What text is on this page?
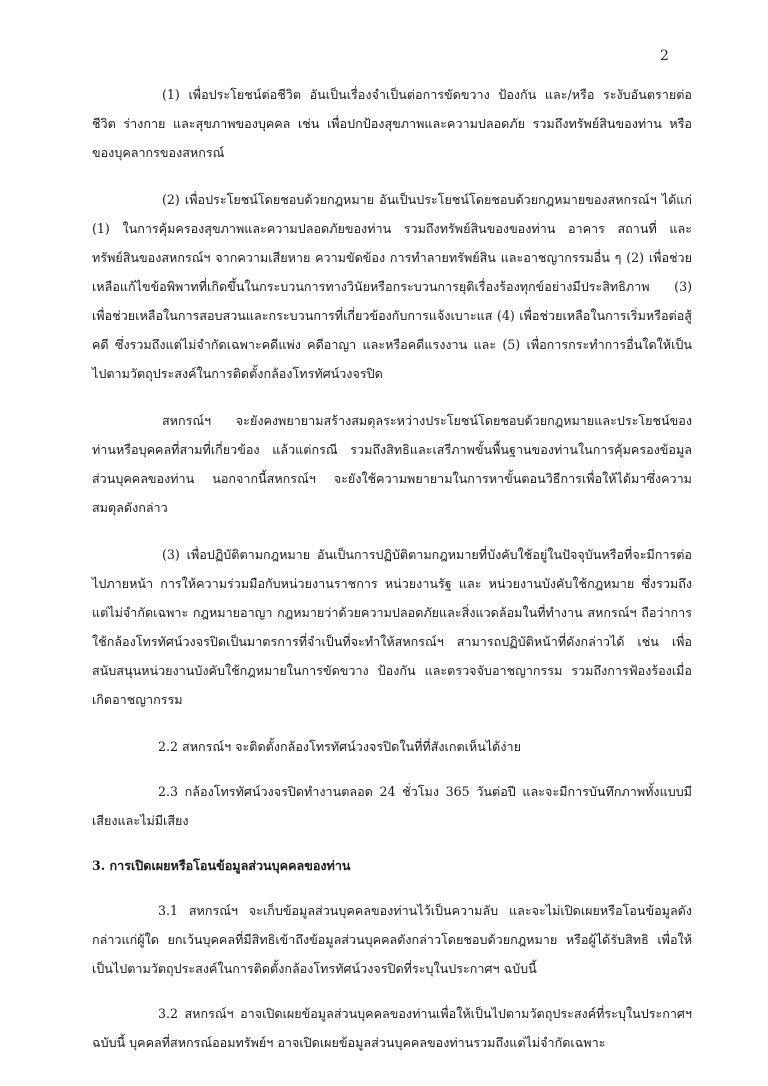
2

(1) เพื่อประโยชน์ต่อชีวิต อันเป็นเรื่องจำเป็นต่อการขัดขวาง ป้องกัน และ/หรือ ระงับอันตรายต่อชีวิต ร่างกาย และสุขภาพของบุคคล เช่น เพื่อปกป้องสุขภาพและความปลอดภัย รวมถึงทรัพย์สินของท่าน หรือของบุคลากรของสหกรณ์

(2) เพื่อประโยชน์โดยชอบด้วยกฎหมาย อันเป็นประโยชน์โดยชอบด้วยกฎหมายของสหกรณ์ฯ ได้แก่ (1) ในการคุ้มครองสุขภาพและความปลอดภัยของท่าน รวมถึงทรัพย์สินของของท่าน อาคาร สถานที่ และทรัพย์สินของสหกรณ์ฯ จากความเสียหาย ความขัดข้อง การทำลายทรัพย์สิน และอาชญากรรมอื่น ๆ (2) เพื่อช่วยเหลือแก้ไขข้อพิพาทที่เกิดขึ้นในกระบวนการทางวินัยหรือกระบวนการยุติเรื่องร้องทุกข์อย่างมีประสิทธิภาพ (3) เพื่อช่วยเหลือในการสอบสวนและกระบวนการที่เกี่ยวข้องกับการแจ้งเบาะแส (4) เพื่อช่วยเหลือในการเริ่มหรือต่อสู้คดี ซึ่งรวมถึงแต่ไม่จำกัดเฉพาะคดีแพ่ง คดีอาญา และหรือคดีแรงงาน และ (5) เพื่อการกระทำการอื่นใดให้เป็นไปตามวัตถุประสงค์ในการติดตั้งกล้องโทรทัศน์วงจรปิด

สหกรณ์ฯ จะยังคงพยายามสร้างสมดุลระหว่างประโยชน์โดยชอบด้วยกฎหมายและประโยชน์ของท่านหรือบุคคลที่สามที่เกี่ยวข้อง แล้วแต่กรณี รวมถึงสิทธิและเสรีภาพขั้นพื้นฐานของท่านในการคุ้มครองข้อมูลส่วนบุคคลของท่าน นอกจากนี้สหกรณ์ฯ จะยังใช้ความพยายามในการหาขั้นตอนวิธีการเพื่อให้ได้มาซึ่งความสมดุลดังกล่าว

(3) เพื่อปฏิบัติตามกฎหมาย อันเป็นการปฏิบัติตามกฎหมายที่บังคับใช้อยู่ในปัจจุบันหรือที่จะมีการต่อไปภายหน้า การให้ความร่วมมือกับหน่วยงานราชการ หน่วยงานรัฐ และ หน่วยงานบังคับใช้กฎหมาย ซึ่งรวมถึงแต่ไม่จำกัดเฉพาะ กฎหมายอาญา กฎหมายว่าด้วยความปลอดภัยและสิ่งแวดล้อมในที่ทำงาน สหกรณ์ฯ ถือว่าการใช้กล้องโทรทัศน์วงจรปิดเป็นมาตรการที่จำเป็นที่จะทำให้สหกรณ์ฯ สามารถปฏิบัติหน้าที่ดังกล่าวได้ เช่น เพื่อสนับสนุนหน่วยงานบังคับใช้กฎหมายในการขัดขวาง ป้องกัน และตรวจจับอาชญากรรม รวมถึงการฟ้องร้องเมื่อเกิดอาชญากรรม

2.2 สหกรณ์ฯ จะติดตั้งกล้องโทรทัศน์วงจรปิดในที่ที่สังเกตเห็นได้ง่าย

2.3 กล้องโทรทัศน์วงจรปิดทำงานตลอด 24 ชั่วโมง 365 วันต่อปี และจะมีการบันทึกภาพทั้งแบบมีเสียงและไม่มีเสียง

3. การเปิดเผยหรือโอนข้อมูลส่วนบุคคลของท่าน

3.1 สหกรณ์ฯ จะเก็บข้อมูลส่วนบุคคลของท่านไว้เป็นความลับ และจะไม่เปิดเผยหรือโอนข้อมูลดังกล่าวแก่ผู้ใด ยกเว้นบุคคลที่มีสิทธิเข้าถึงข้อมูลส่วนบุคคลดังกล่าวโดยชอบด้วยกฎหมาย หรือผู้ได้รับสิทธิ เพื่อให้เป็นไปตามวัตถุประสงค์ในการติดตั้งกล้องโทรทัศน์วงจรปิดที่ระบุในประกาศฯ ฉบับนี้

3.2 สหกรณ์ฯ อาจเปิดเผยข้อมูลส่วนบุคคลของท่านเพื่อให้เป็นไปตามวัตถุประสงค์ที่ระบุในประกาศฯ ฉบับนี้ บุคคลที่สหกรณ์ออมทรัพย์ฯ อาจเปิดเผยข้อมูลส่วนบุคคลของท่านรวมถึงแต่ไม่จำกัดเฉพาะ
